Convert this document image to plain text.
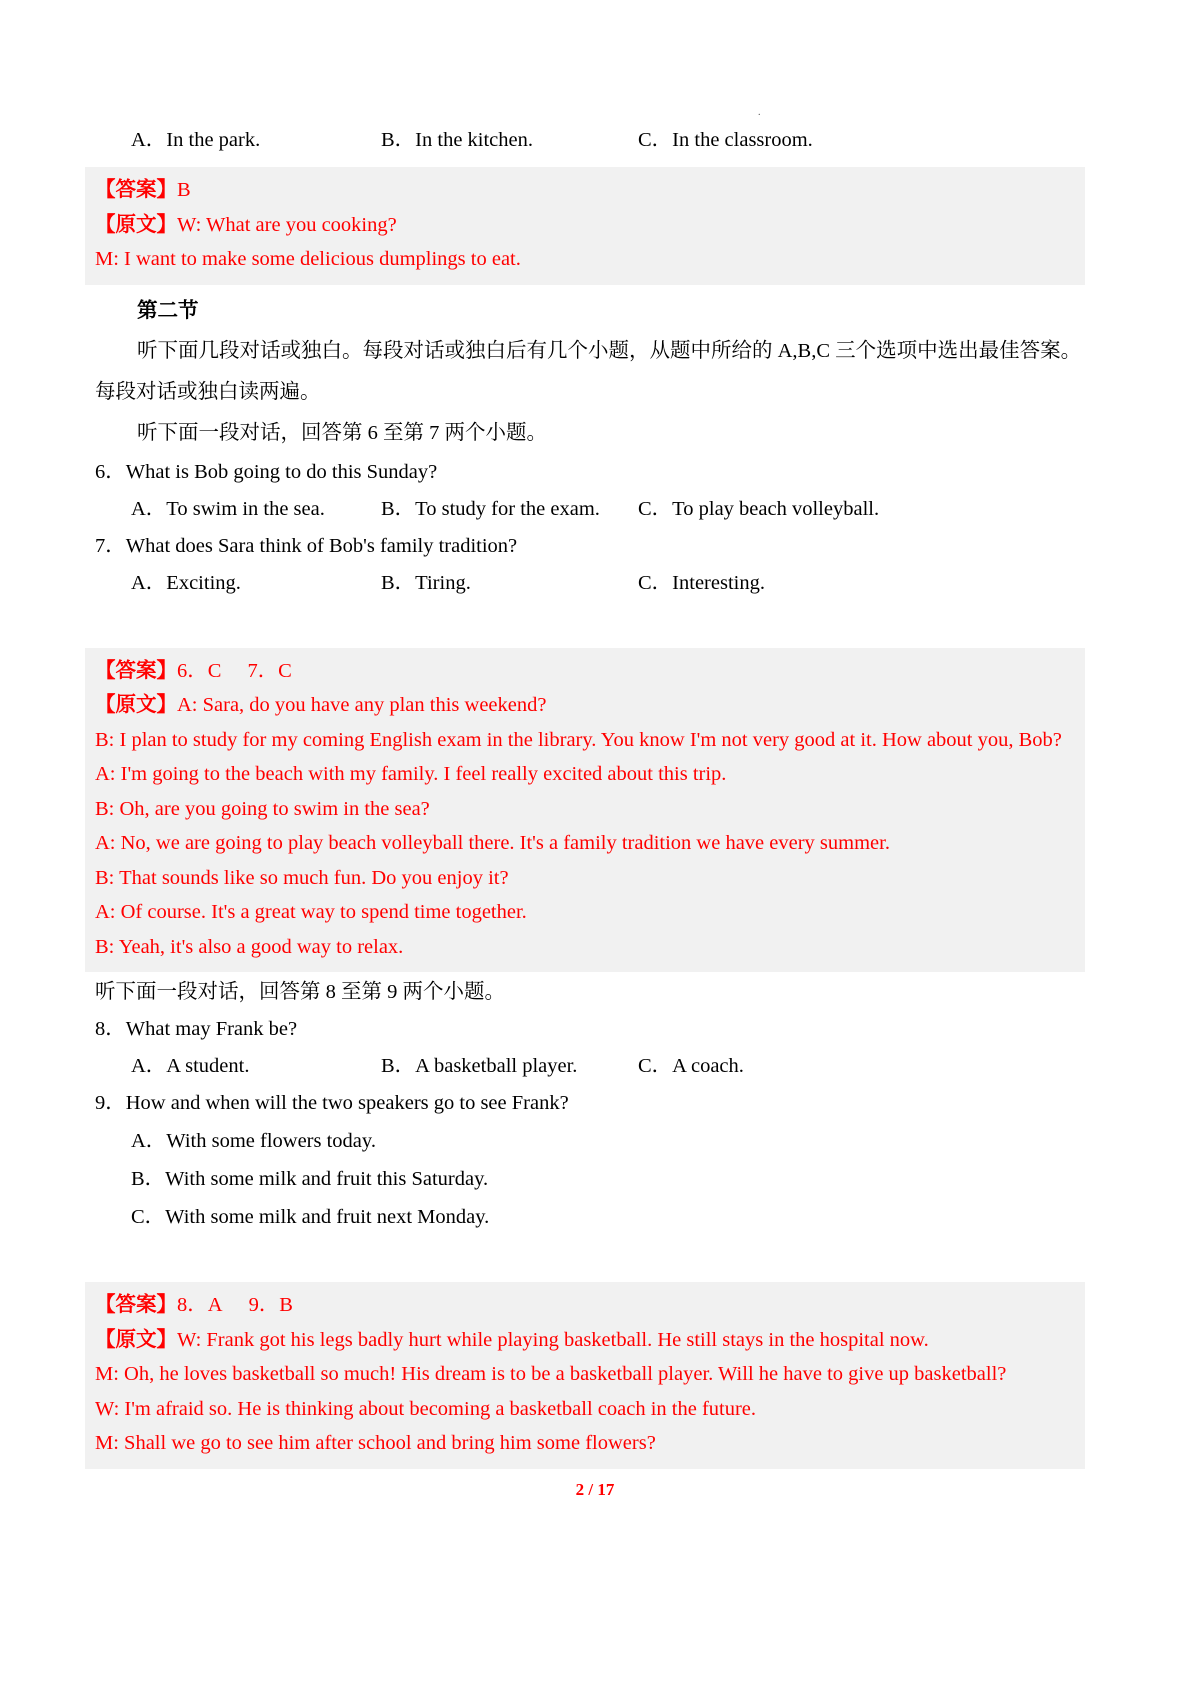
.
A．In the park.	B．In the kitchen.	C．In the classroom.
【答案】B
【原文】W: What are you cooking?
M: I want to make some delicious dumplings to eat.
第二节
听下面几段对话或独白。每段对话或独白后有几个小题，从题中所给的 A,B,C 三个选项中选出最佳答案。每段对话或独白读两遍。
听下面一段对话，回答第 6 至第 7 两个小题。
6．What is Bob going to do this Sunday?
A．To swim in the sea.	B．To study for the exam.	C．To play beach volleyball.
7．What does Sara think of Bob's family tradition?
A．Exciting.	B．Tiring.	C．Interesting.
【答案】6．C 7．C
【原文】A: Sara, do you have any plan this weekend?
B: I plan to study for my coming English exam in the library. You know I'm not very good at it. How about you, Bob?
A: I'm going to the beach with my family. I feel really excited about this trip.
B: Oh, are you going to swim in the sea?
A: No, we are going to play beach volleyball there. It's a family tradition we have every summer.
B: That sounds like so much fun. Do you enjoy it?
A: Of course. It's a great way to spend time together.
B: Yeah, it's also a good way to relax.
听下面一段对话，回答第 8 至第 9 两个小题。
8．What may Frank be?
A．A student.	B．A basketball player.	C．A coach.
9．How and when will the two speakers go to see Frank?
A．With some flowers today.
B．With some milk and fruit this Saturday.
C．With some milk and fruit next Monday.
【答案】8．A 9．B
【原文】W: Frank got his legs badly hurt while playing basketball. He still stays in the hospital now.
M: Oh, he loves basketball so much! His dream is to be a basketball player. Will he have to give up basketball?
W: I'm afraid so. He is thinking about becoming a basketball coach in the future.
M: Shall we go to see him after school and bring him some flowers?
2 / 17
